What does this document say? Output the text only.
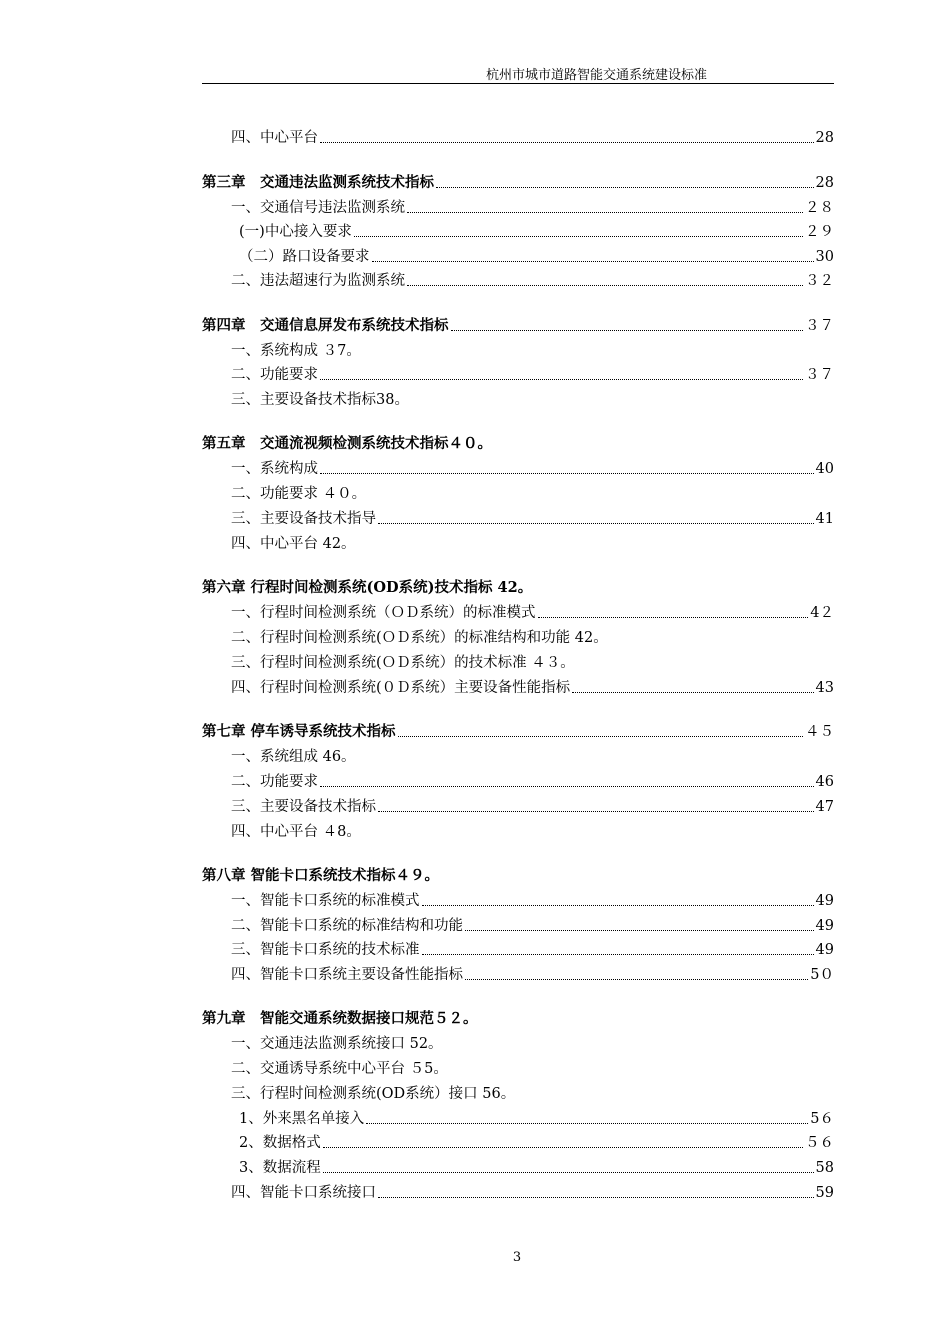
杭州市城市道路智能交通系统建设标准
四、中心平台	28
第三章　交通违法监测系统技术指标	28
一、交通信号违法监测系统	２８
(一)中心接入要求	２９
（二）路口设备要求	30
二、违法超速行为监测系统	３２
第四章　交通信息屏发布系统技术指标	３７
一、系统构成 ３7。
二、功能要求	３７
三、主要设备技术指标38。
第五章　交通流视频检测系统技术指标４０。
一、系统构成	40
二、功能要求 ４０。
三、主要设备技术指导	41
四、中心平台 42。
第六章 行程时间检测系统(OD系统)技术指标 42。
一、行程时间检测系统（ＯＤ系统）的标准模式	4２
二、行程时间检测系统(ＯＤ系统）的标准结构和功能 42。
三、行程时间检测系统(ＯＤ系统）的技术标准 ４３。
四、行程时间检测系统(０Ｄ系统）主要设备性能指标	43
第七章 停车诱导系统技术指标	４５
一、系统组成 46。
二、功能要求	46
三、主要设备技术指标	47
四、中心平台 ４8。
第八章 智能卡口系统技术指标４９。
一、智能卡口系统的标准模式	49
二、智能卡口系统的标准结构和功能	49
三、智能卡口系统的技术标准	49
四、智能卡口系统主要设备性能指标	5０
第九章　智能交通系统数据接口规范５２。
一、交通违法监测系统接口 52。
二、交通诱导系统中心平台 ５5。
三、行程时间检测系统(OD系统）接口 56。
1、外来黑名单接入	5６
2、数据格式	５６
3、数据流程	58
四、智能卡口系统接口	59
3
